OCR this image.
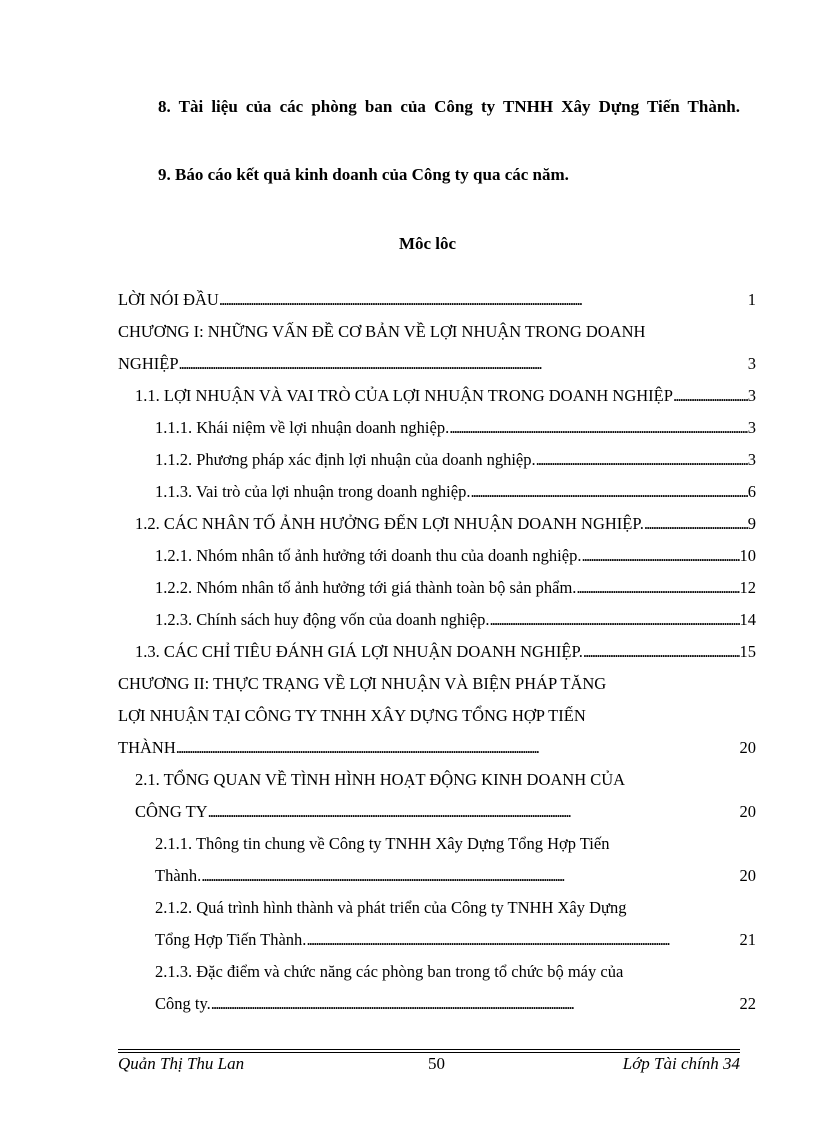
8. Tài liệu của các phòng ban của Công ty TNHH Xây Dựng Tiến Thành.
9. Báo cáo kết quả kinh doanh của Công ty qua các năm.
Môc lôc
LỜI NÓI ĐẦU . . .	1
CHƯƠNG I: NHỮNG VẤN ĐỀ CƠ BẢN VỀ LỢI NHUẬN TRONG DOANH
NGHIỆP . . .	3
1.1. LỢI NHUẬN VÀ VAI TRÒ CỦA LỢI NHUẬN TRONG DOANH NGHIỆP . . .	3
1.1.1. Khái niệm về lợi nhuận doanh nghiệp. . . .	3
1.1.2. Phương pháp xác định lợi nhuận của doanh nghiệp. . . .	3
1.1.3. Vai trò của lợi nhuận trong doanh nghiệp. . . .	6
1.2. CÁC NHÂN TỐ ẢNH HƯỞNG ĐẾN LỢI NHUẬN DOANH NGHIỆP. . . .	9
1.2.1. Nhóm nhân tố ảnh hưởng tới doanh thu của doanh nghiệp. . . .	10
1.2.2. Nhóm nhân tố ảnh hưởng tới giá thành toàn bộ sản phẩm. . . .	12
1.2.3. Chính sách huy động vốn của doanh nghiệp. . . .	14
1.3. CÁC CHỈ TIÊU ĐÁNH GIÁ LỢI NHUẬN DOANH NGHIỆP. . . .	15
CHƯƠNG II: THỰC TRẠNG VỀ LỢI NHUẬN VÀ BIỆN PHÁP TĂNG
LỢI NHUẬN TẠI CÔNG TY TNHH XÂY DỰNG TỔNG HỢP TIẾN
THÀNH . . .	20
2.1. TỔNG QUAN VỀ TÌNH HÌNH HOẠT ĐỘNG KINH DOANH CỦA
CÔNG TY . . .	20
2.1.1. Thông tin chung về Công ty TNHH Xây Dựng Tổng Hợp Tiến
Thành. . . .	20
2.1.2. Quá trình hình thành và phát triển của Công ty TNHH Xây Dựng
Tổng Hợp Tiến Thành. . . .	21
2.1.3. Đặc điểm và chức năng các phòng ban trong tổ chức bộ máy của
Công ty. . . .	22
Quản Thị Thu Lan	50	Lớp Tài chính 34
